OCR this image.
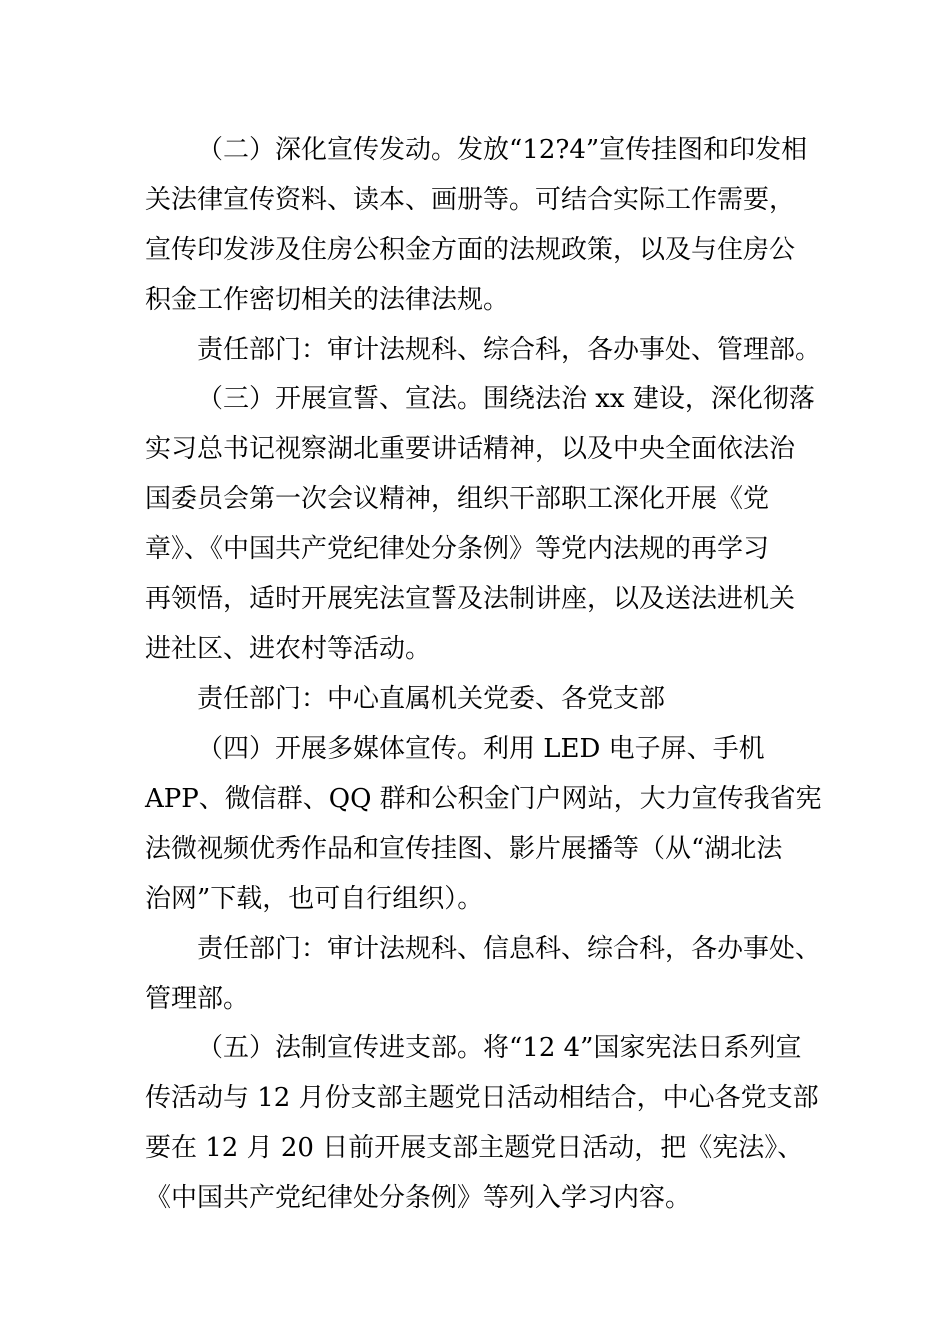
（二）深化宣传发动。发放“12?4”宣传挂图和印发相
关法律宣传资料、读本、画册等。可结合实际工作需要，
宣传印发涉及住房公积金方面的法规政策，以及与住房公
积金工作密切相关的法律法规。
责任部门：审计法规科、综合科，各办事处、管理部。
（三）开展宣誓、宣法。围绕法治 xx 建设，深化彻落
实习总书记视察湖北重要讲话精神，以及中央全面依法治
国委员会第一次会议精神，组织干部职工深化开展《党
章》、《中国共产党纪律处分条例》等党内法规的再学习
再领悟，适时开展宪法宣誓及法制讲座，以及送法进机关
进社区、进农村等活动。
责任部门：中心直属机关党委、各党支部
（四）开展多媒体宣传。利用 LED 电子屏、手机
APP、微信群、QQ 群和公积金门户网站，大力宣传我省宪
法微视频优秀作品和宣传挂图、影片展播等（从“湖北法
治网”下载，也可自行组织）。
责任部门：审计法规科、信息科、综合科，各办事处、
管理部。
（五）法制宣传进支部。将“12 4”国家宪法日系列宣
传活动与 12 月份支部主题党日活动相结合，中心各党支部
要在 12 月 20 日前开展支部主题党日活动，把《宪法》、
《中国共产党纪律处分条例》等列入学习内容。
